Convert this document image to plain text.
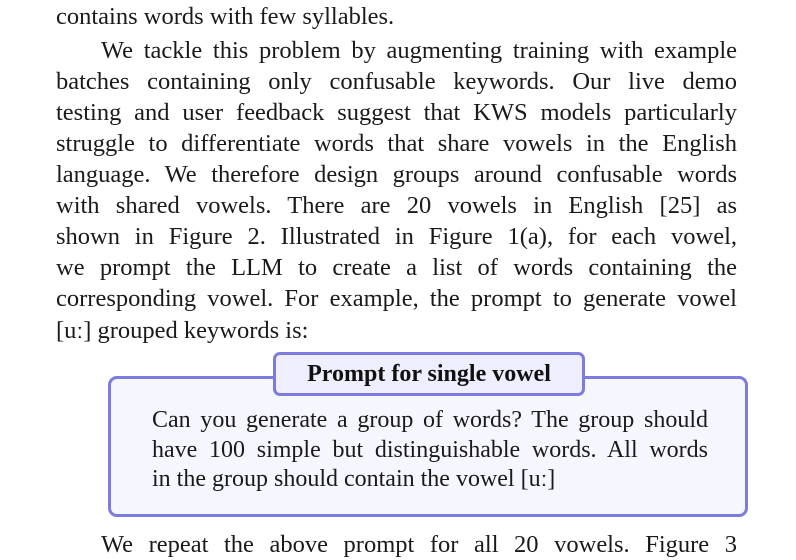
contains words with few syllables.
We tackle this problem by augmenting training with example
batches containing only confusable keywords. Our live demo
testing and user feedback suggest that KWS models particularly
struggle to differentiate words that share vowels in the English
language. We therefore design groups around confusable words
with shared vowels. There are 20 vowels in English [25] as
shown in Figure 2. Illustrated in Figure 1(a), for each vowel,
we prompt the LLM to create a list of words containing the
corresponding vowel. For example, the prompt to generate vowel
[uː] grouped keywords is:
Prompt for single vowel
Can you generate a group of words? The group should
have 100 simple but distinguishable words. All words
in the group should contain the vowel [uː]
We repeat the above prompt for all 20 vowels. Figure 3
